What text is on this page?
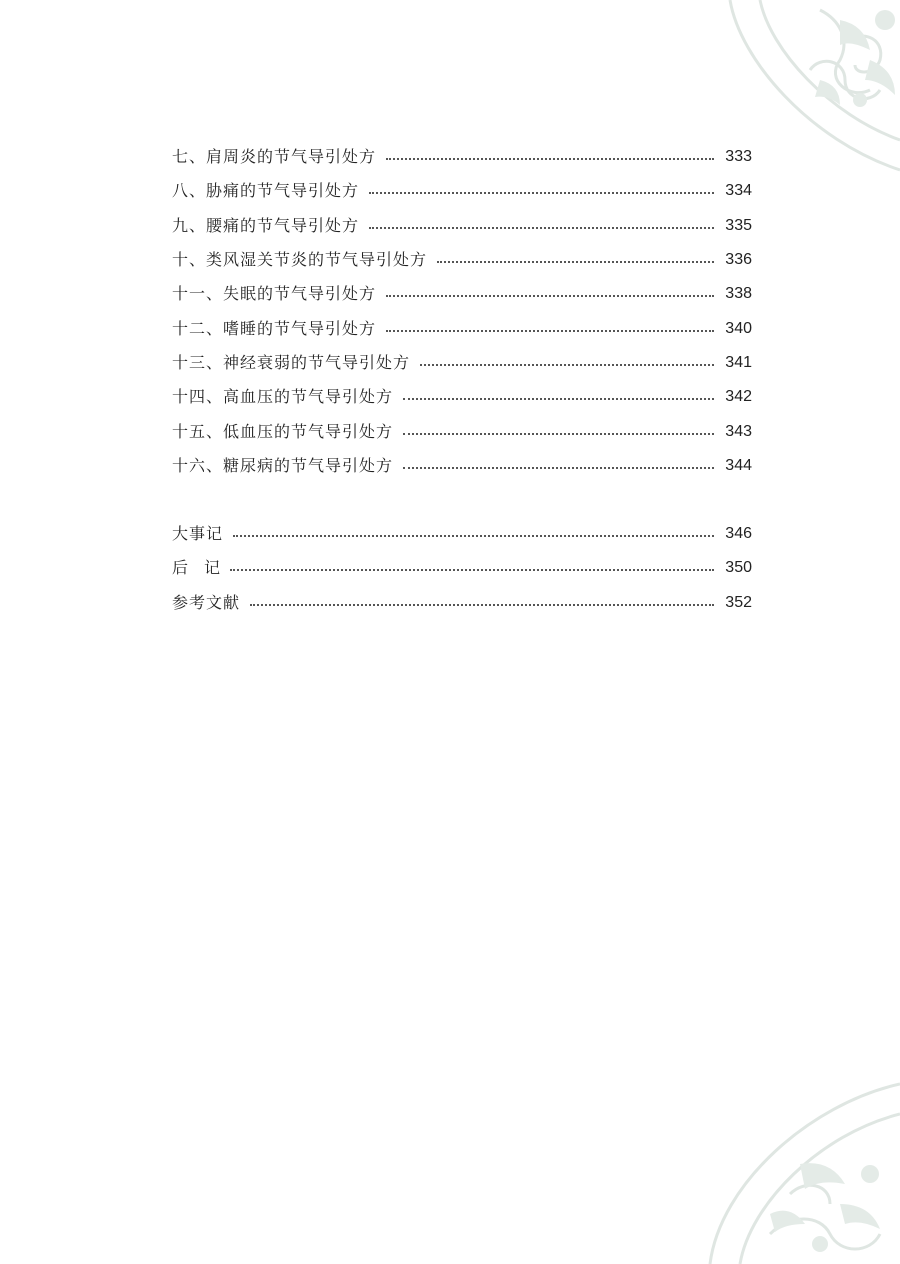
七、肩周炎的节气导引处方	333
八、胁痛的节气导引处方	334
九、腰痛的节气导引处方	335
十、类风湿关节炎的节气导引处方	336
十一、失眠的节气导引处方	338
十二、嗜睡的节气导引处方	340
十三、神经衰弱的节气导引处方	341
十四、高血压的节气导引处方	342
十五、低血压的节气导引处方	343
十六、糖尿病的节气导引处方	344
大事记	346
后　记	350
参考文献	352
